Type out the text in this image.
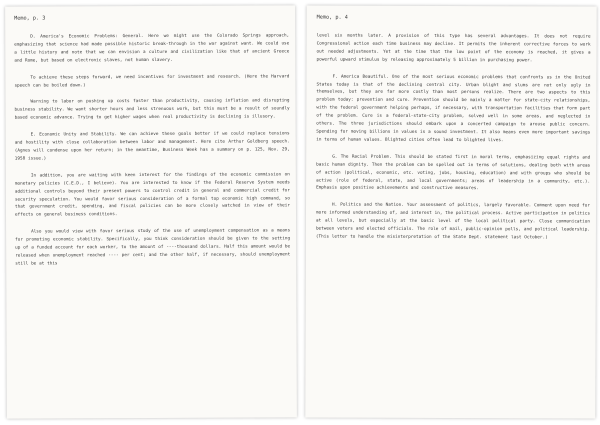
Memo, p. 3

D. America's Economic Problems: General. Here we might use the Colorado Springs approach, emphasizing that science had made possible historic break-through in the war against want. We could use a little history and note that we can envision a culture and civilization like that of ancient Greece and Rome, but based on electronic slaves, not human slavery.

To achieve these steps forward, we need incentives for investment and research. (Here the Harvard speech can be boiled down.)

Warning to labor on pushing up costs faster than productivity, causing inflation and disrupting business stability. We want shorter hours and less strenuous work, but this must be a result of soundly based economic advance. Trying to get higher wages when real productivity is declining is illusory.

E. Economic Unity and Stability. We can achieve these goals better if we could replace tensions and hostility with close collaboration between labor and management. Here cite Arthur Goldberg speech. (Agnes will condense upon her return; in the meantime, Business Week has a summary on p. 125, Nov. 29, 1958 issue.)

In addition, you are waiting with keen interest for the findings of the economic commission on monetary policies (C.E.D., I believe). You are interested to know if the Federal Reserve System needs additional controls beyond their present powers to control credit in general and commercial credit for security speculation. You would favor serious consideration of a formal top economic high command, so that government credit, spending, and fiscal policies can be more closely watched in view of their effects on general business conditions.

Also you would view with favor serious study of the use of unemployment compensation as a means for promoting economic stability. Specifically, you think consideration should be given to the setting up of a funded account for each worker, to the amount of ----thousand dollars. Half this amount would be released when unemployment reached ---- per cent; and the other half, if necessary, should unemployment still be at this

Memo, p. 4

level six months later. A provision of this type has several advantages. It does not require Congressional action each time business may decline. It permits the inherent corrective forces to work out needed adjustments. Yet at the time that the low point of the economy is reached, it gives a powerful upward stimulus by releasing approximately 5 billion in purchasing power.

F. America Beautiful. One of the most serious economic problems that confronts us in the United States today is that of the declining central city. Urban blight and slums are not only ugly in themselves, but they are far more costly than most persons realize. There are two aspects to this problem today: prevention and cure. Prevention should be mainly a matter for state-city relationships, with the federal government helping perhaps, if necessary, with transportation facilities that form part of the problem. Cure is a federal-state-city problem, solved well in some areas, and neglected in others. The three jurisdictions should embark upon a concerted campaign to arouse public concern. Spending for moving billions in values is a sound investment. It also means even more important savings in terms of human values. Blighted cities often lead to blighted lives.

G. The Racial Problem. This should be stated first in moral terms, emphasizing equal rights and basic human dignity. Then the problem can be spelled out in terms of solutions, dealing both with areas of action (political, economic, etc. voting, jobs, housing, education) and with groups who should be active (role of federal, state, and local governments; areas of leadership in a community, etc.). Emphasis upon positive achievements and constructive measures.

H. Politics and the Nation. Your assessment of politics, largely favorable. Comment upon need for more informed understanding of, and interest in, the political process. Active participation in politics at all levels, but especially at the basic level of the local political party. Close communication between voters and elected officials. The role of mail, public-opinion polls, and political leadership. (This letter to handle the misinterpretation of the State Dept. statement last October.)
